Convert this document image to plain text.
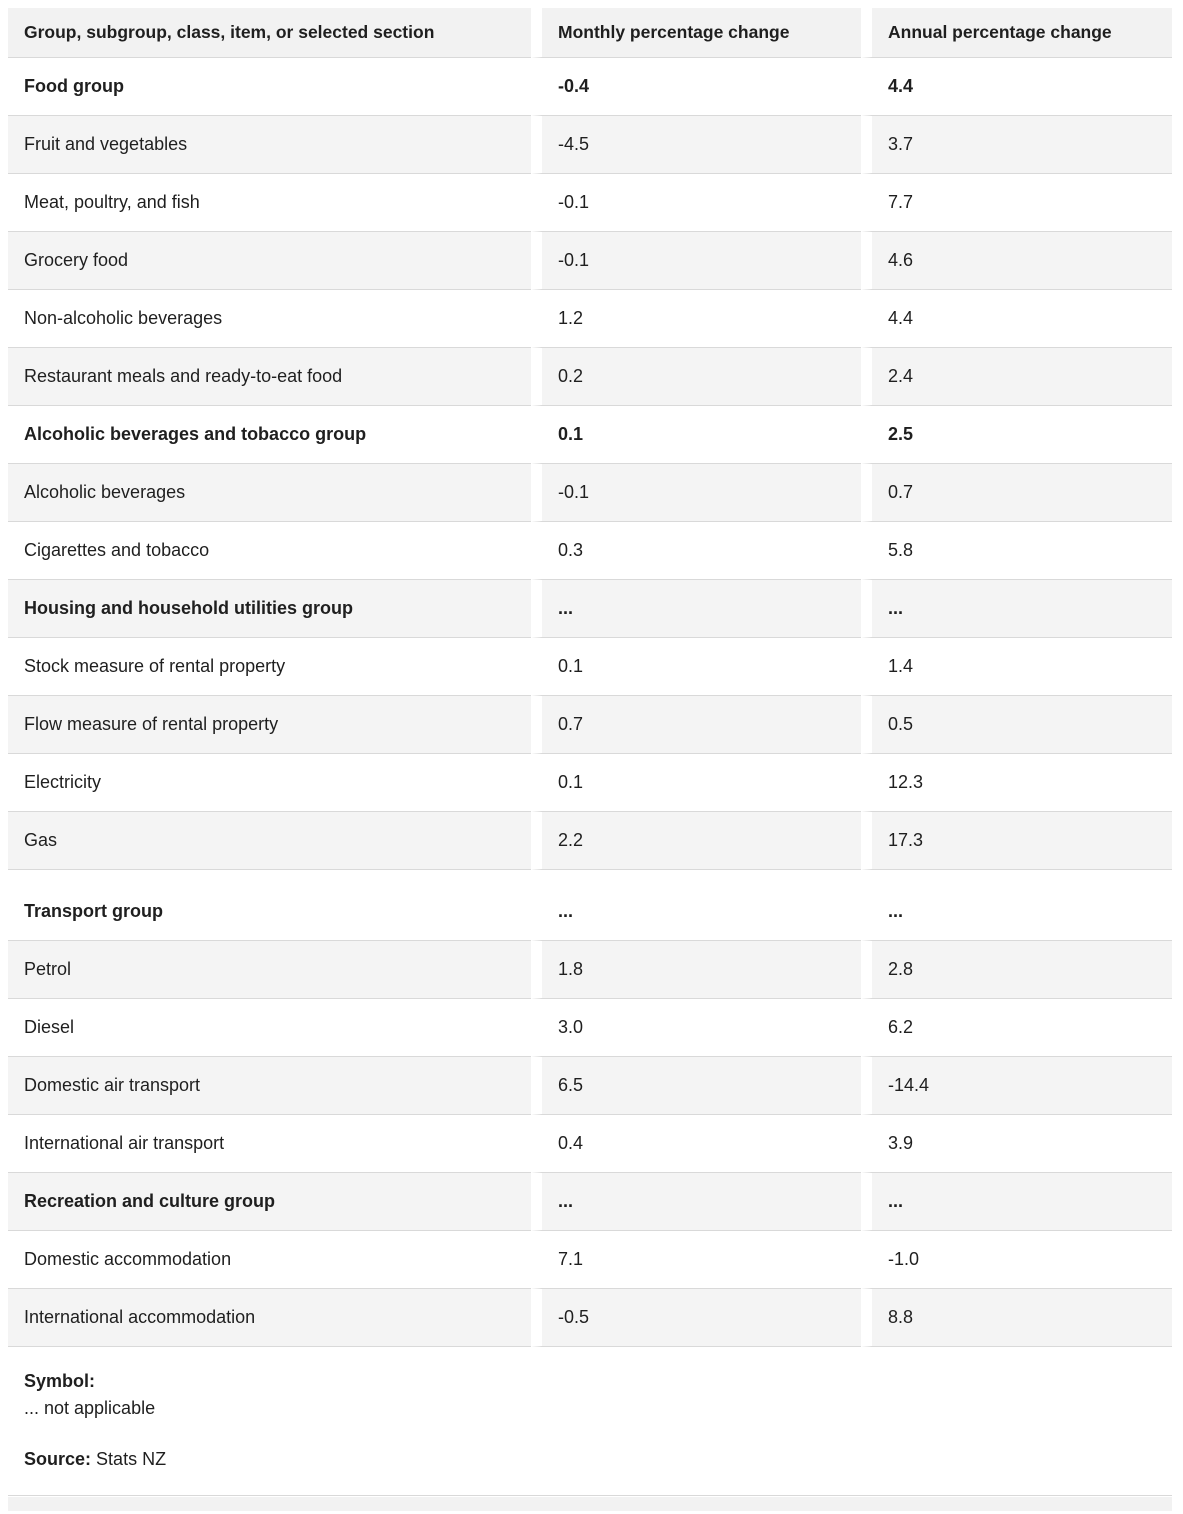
Group, subgroup, class, item, or selected section	Monthly percentage change	Annual percentage change
Food group	-0.4	4.4
Fruit and vegetables	-4.5	3.7
Meat, poultry, and fish	-0.1	7.7
Grocery food	-0.1	4.6
Non-alcoholic beverages	1.2	4.4
Restaurant meals and ready-to-eat food	0.2	2.4
Alcoholic beverages and tobacco group	0.1	2.5
Alcoholic beverages	-0.1	0.7
Cigarettes and tobacco	0.3	5.8
Housing and household utilities group	...	...
Stock measure of rental property	0.1	1.4
Flow measure of rental property	0.7	0.5
Electricity	0.1	12.3
Gas	2.2	17.3
Transport group	...	...
Petrol	1.8	2.8
Diesel	3.0	6.2
Domestic air transport	6.5	-14.4
International air transport	0.4	3.9
Recreation and culture group	...	...
Domestic accommodation	7.1	-1.0
International accommodation	-0.5	8.8
Symbol:
... not applicable
Source: Stats NZ
